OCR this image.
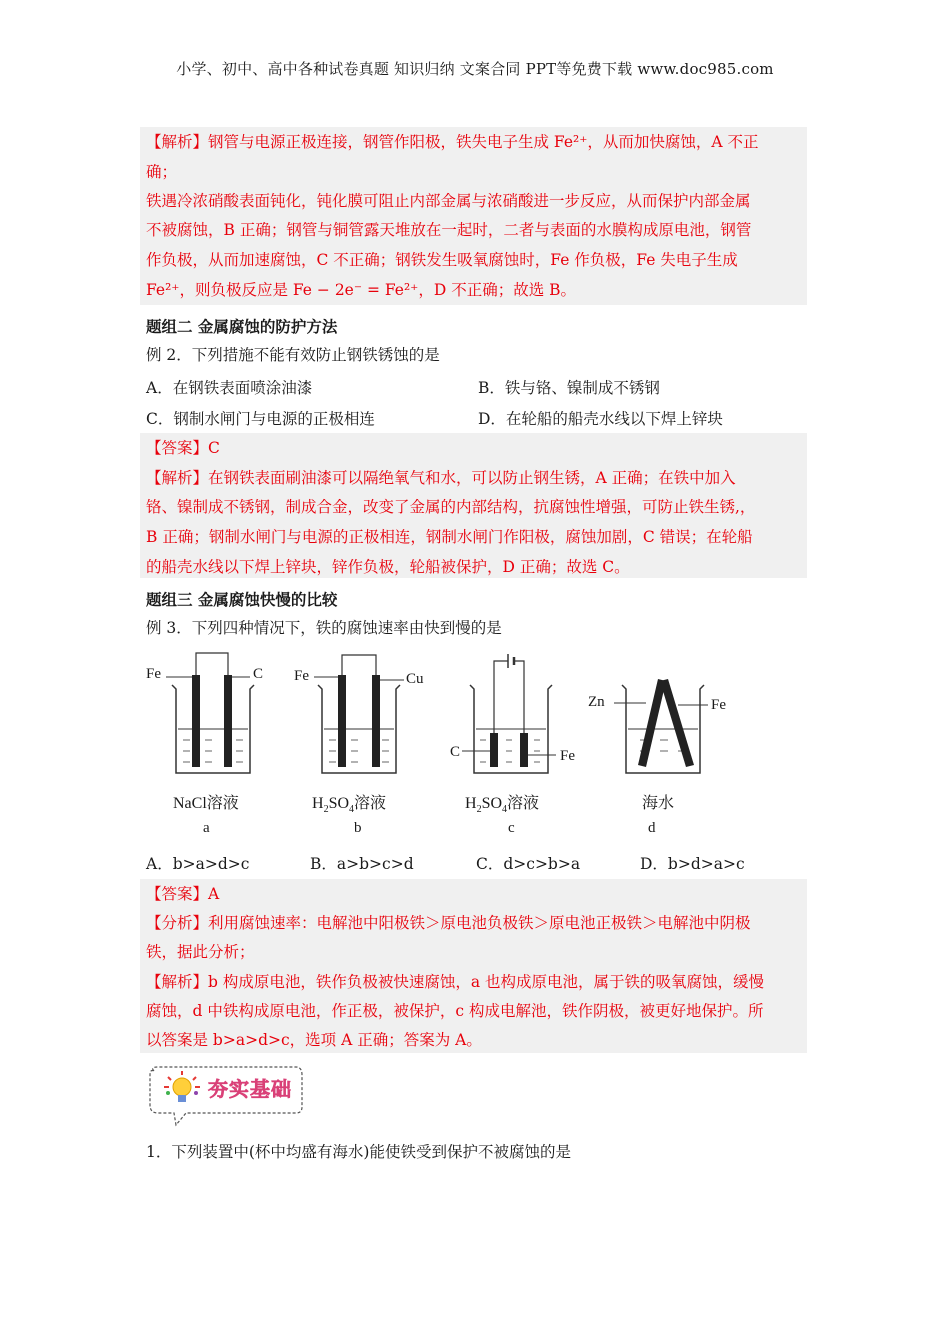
小学、初中、高中各种试卷真题 知识归纳 文案合同 PPT等免费下载 www.doc985.com
【解析】钢管与电源正极连接，钢管作阳极，铁失电子生成 Fe²⁺，从而加快腐蚀，A 不正
确；
铁遇冷浓硝酸表面钝化，钝化膜可阻止内部金属与浓硝酸进一步反应，从而保护内部金属
不被腐蚀，B 正确；钢管与铜管露天堆放在一起时，二者与表面的水膜构成原电池，钢管
作负极，从而加速腐蚀，C 不正确；钢铁发生吸氧腐蚀时，Fe 作负极，Fe 失电子生成
Fe²⁺，则负极反应是 Fe − 2e⁻ = Fe²⁺，D 不正确；故选 B。
题组二 金属腐蚀的防护方法
例 2．下列措施不能有效防止钢铁锈蚀的是
A．在钢铁表面喷涂油漆	B．铁与铬、镍制成不锈钢
C．钢制水闸门与电源的正极相连	D．在轮船的船壳水线以下焊上锌块
【答案】C
【解析】在钢铁表面刷油漆可以隔绝氧气和水，可以防止钢生锈，A 正确；在铁中加入
铬、镍制成不锈钢，制成合金，改变了金属的内部结构，抗腐蚀性增强，可防止铁生锈,，
B 正确；钢制水闸门与电源的正极相连，钢制水闸门作阳极，腐蚀加剧，C 错误；在轮船
的船壳水线以下焊上锌块，锌作负极，轮船被保护，D 正确；故选 C。
题组三 金属腐蚀快慢的比较
例 3．下列四种情况下，铁的腐蚀速率由快到慢的是
Fe	C
NaCl溶液
a
Fe	Cu
$H_2SO_4$溶液
b
C	Fe
$H_2SO_4$溶液
c
Zn	Fe
海水
d
A．b>a>d>c	B．a>b>c>d	C．d>c>b>a	D．b>d>a>c
【答案】A
【分析】利用腐蚀速率：电解池中阳极铁＞原电池负极铁＞原电池正极铁＞电解池中阴极
铁，据此分析；
【解析】b 构成原电池，铁作负极被快速腐蚀，a 也构成原电池，属于铁的吸氧腐蚀，缓慢
腐蚀，d 中铁构成原电池，作正极，被保护，c 构成电解池，铁作阴极，被更好地保护。所
以答案是 b>a>d>c，选项 A 正确；答案为 A。
夯实基础
1．下列装置中(杯中均盛有海水)能使铁受到保护不被腐蚀的是
